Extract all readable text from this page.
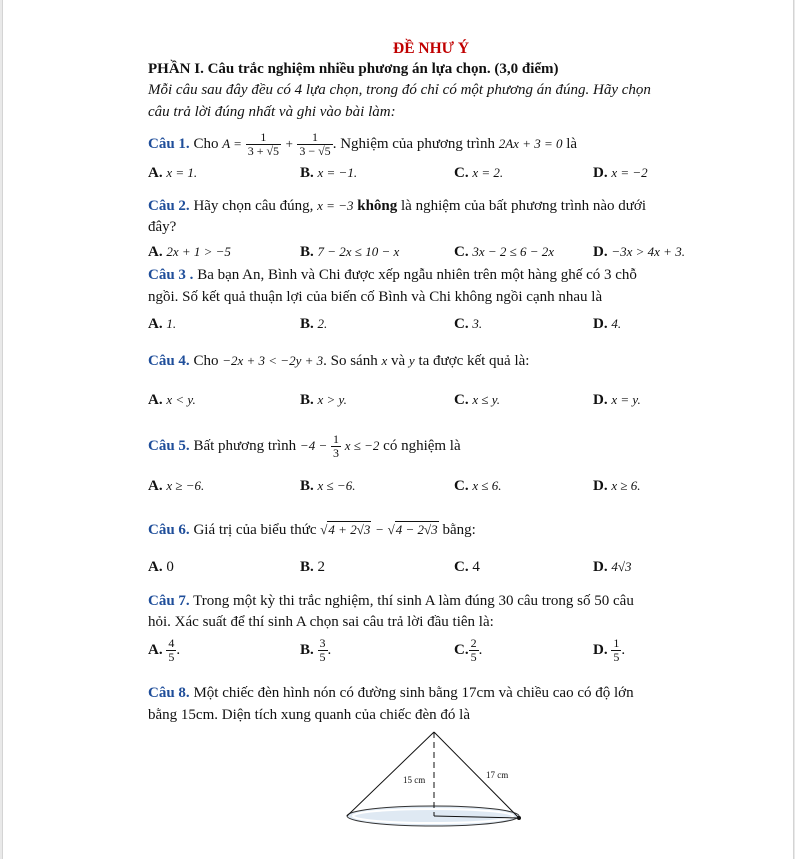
ĐỀ NHƯ Ý
PHẦN I. Câu trắc nghiệm nhiều phương án lựa chọn. (3,0 điểm)
Mỗi câu sau đây đều có 4 lựa chọn, trong đó chỉ có một phương án đúng. Hãy chọn
câu trả lời đúng nhất và ghi vào bài làm:
Câu 1. Cho $A = \frac{1}{3 + √5} + \frac{1}{3 - √5}$ . Nghiệm của phương trình 2Ax + 3 = 0 là
A. x = 1.	B. x = −1.	C. x = 2.	D. x = −2
Câu 2. Hãy chọn câu đúng, x = −3 không là nghiệm của bất phương trình nào dưới
đây?
A. 2x + 1 > −5	B. 7 − 2x ≤ 10 − x	C. 3x − 2 ≤ 6 − 2x	D. −3x > 4x + 3.
Câu 3 . Ba bạn An, Bình và Chi được xếp ngẫu nhiên trên một hàng ghế có 3 chỗ
ngồi. Số kết quả thuận lợi của biến cố Bình và Chi không ngồi cạnh nhau là
A. 1.	B. 2.	C. 3.	D. 4.
Câu 4. Cho −2x + 3 < −2y + 3. So sánh x và y ta được kết quả là:
A. x < y.	B. x > y.	C. x ≤ y.	D. x = y.
Câu 5. Bất phương trình $-4 - \frac{1}{3}$ x ≤ −2 có nghiệm là
A. x ≥ −6.	B. x ≤ −6.	C. x ≤ 6.	D. x ≥ 6.
Câu 6. Giá trị của biểu thức √4 + 2√3 − √4 − 2√3 bằng:
A. 0	B. 2	C. 4	D. 4√3
Câu 7. Trong một kỳ thi trắc nghiệm, thí sinh A làm đúng 30 câu trong số 50 câu
hỏi. Xác suất để thí sinh A chọn sai câu trả lời đầu tiên là:
A. $\frac{4}{5}$ .	B. $\frac{3}{5}$ .	C. $\frac{2}{5}$ .	D. $\frac{1}{5}$ .
Câu 8. Một chiếc đèn hình nón có đường sinh bằng 17cm và chiều cao có độ lớn
bằng 15cm. Diện tích xung quanh của chiếc đèn đó là
15 cm	17 cm
